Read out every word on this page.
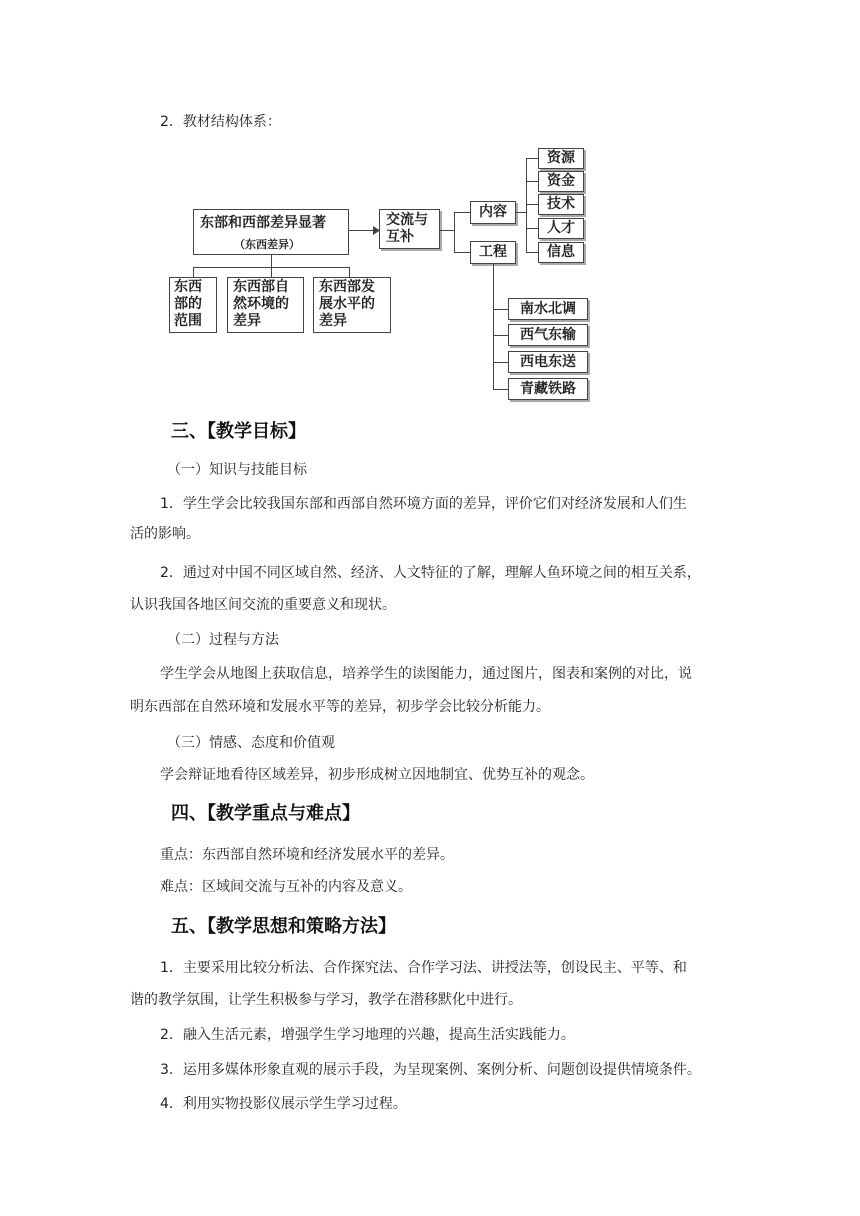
2．教材结构体系：
东部和西部差异显著
（东西差异）
交流与
互补
内容
工程
资源
资金
技术
人才
信息
南水北调
西气东输
西电东送
青藏铁路
东西
部的
范围
东西部自
然环境的
差异
东西部发
展水平的
差异
三、【教学目标】
（一）知识与技能目标
1．学生学会比较我国东部和西部自然环境方面的差异，评价它们对经济发展和人们生
活的影响。
2．通过对中国不同区域自然、经济、人文特征的了解，理解人鱼环境之间的相互关系，
认识我国各地区间交流的重要意义和现状。
（二）过程与方法
学生学会从地图上获取信息，培养学生的读图能力，通过图片，图表和案例的对比，说
明东西部在自然环境和发展水平等的差异，初步学会比较分析能力。
（三）情感、态度和价值观
学会辩证地看待区域差异，初步形成树立因地制宜、优势互补的观念。
四、【教学重点与难点】
重点：东西部自然环境和经济发展水平的差异。
难点：区域间交流与互补的内容及意义。
五、【教学思想和策略方法】
1．主要采用比较分析法、合作探究法、合作学习法、讲授法等，创设民主、平等、和
谐的教学氛围，让学生积极参与学习，教学在潜移默化中进行。
2．融入生活元素，增强学生学习地理的兴趣，提高生活实践能力。
3．运用多媒体形象直观的展示手段，为呈现案例、案例分析、问题创设提供情境条件。
4．利用实物投影仪展示学生学习过程。
